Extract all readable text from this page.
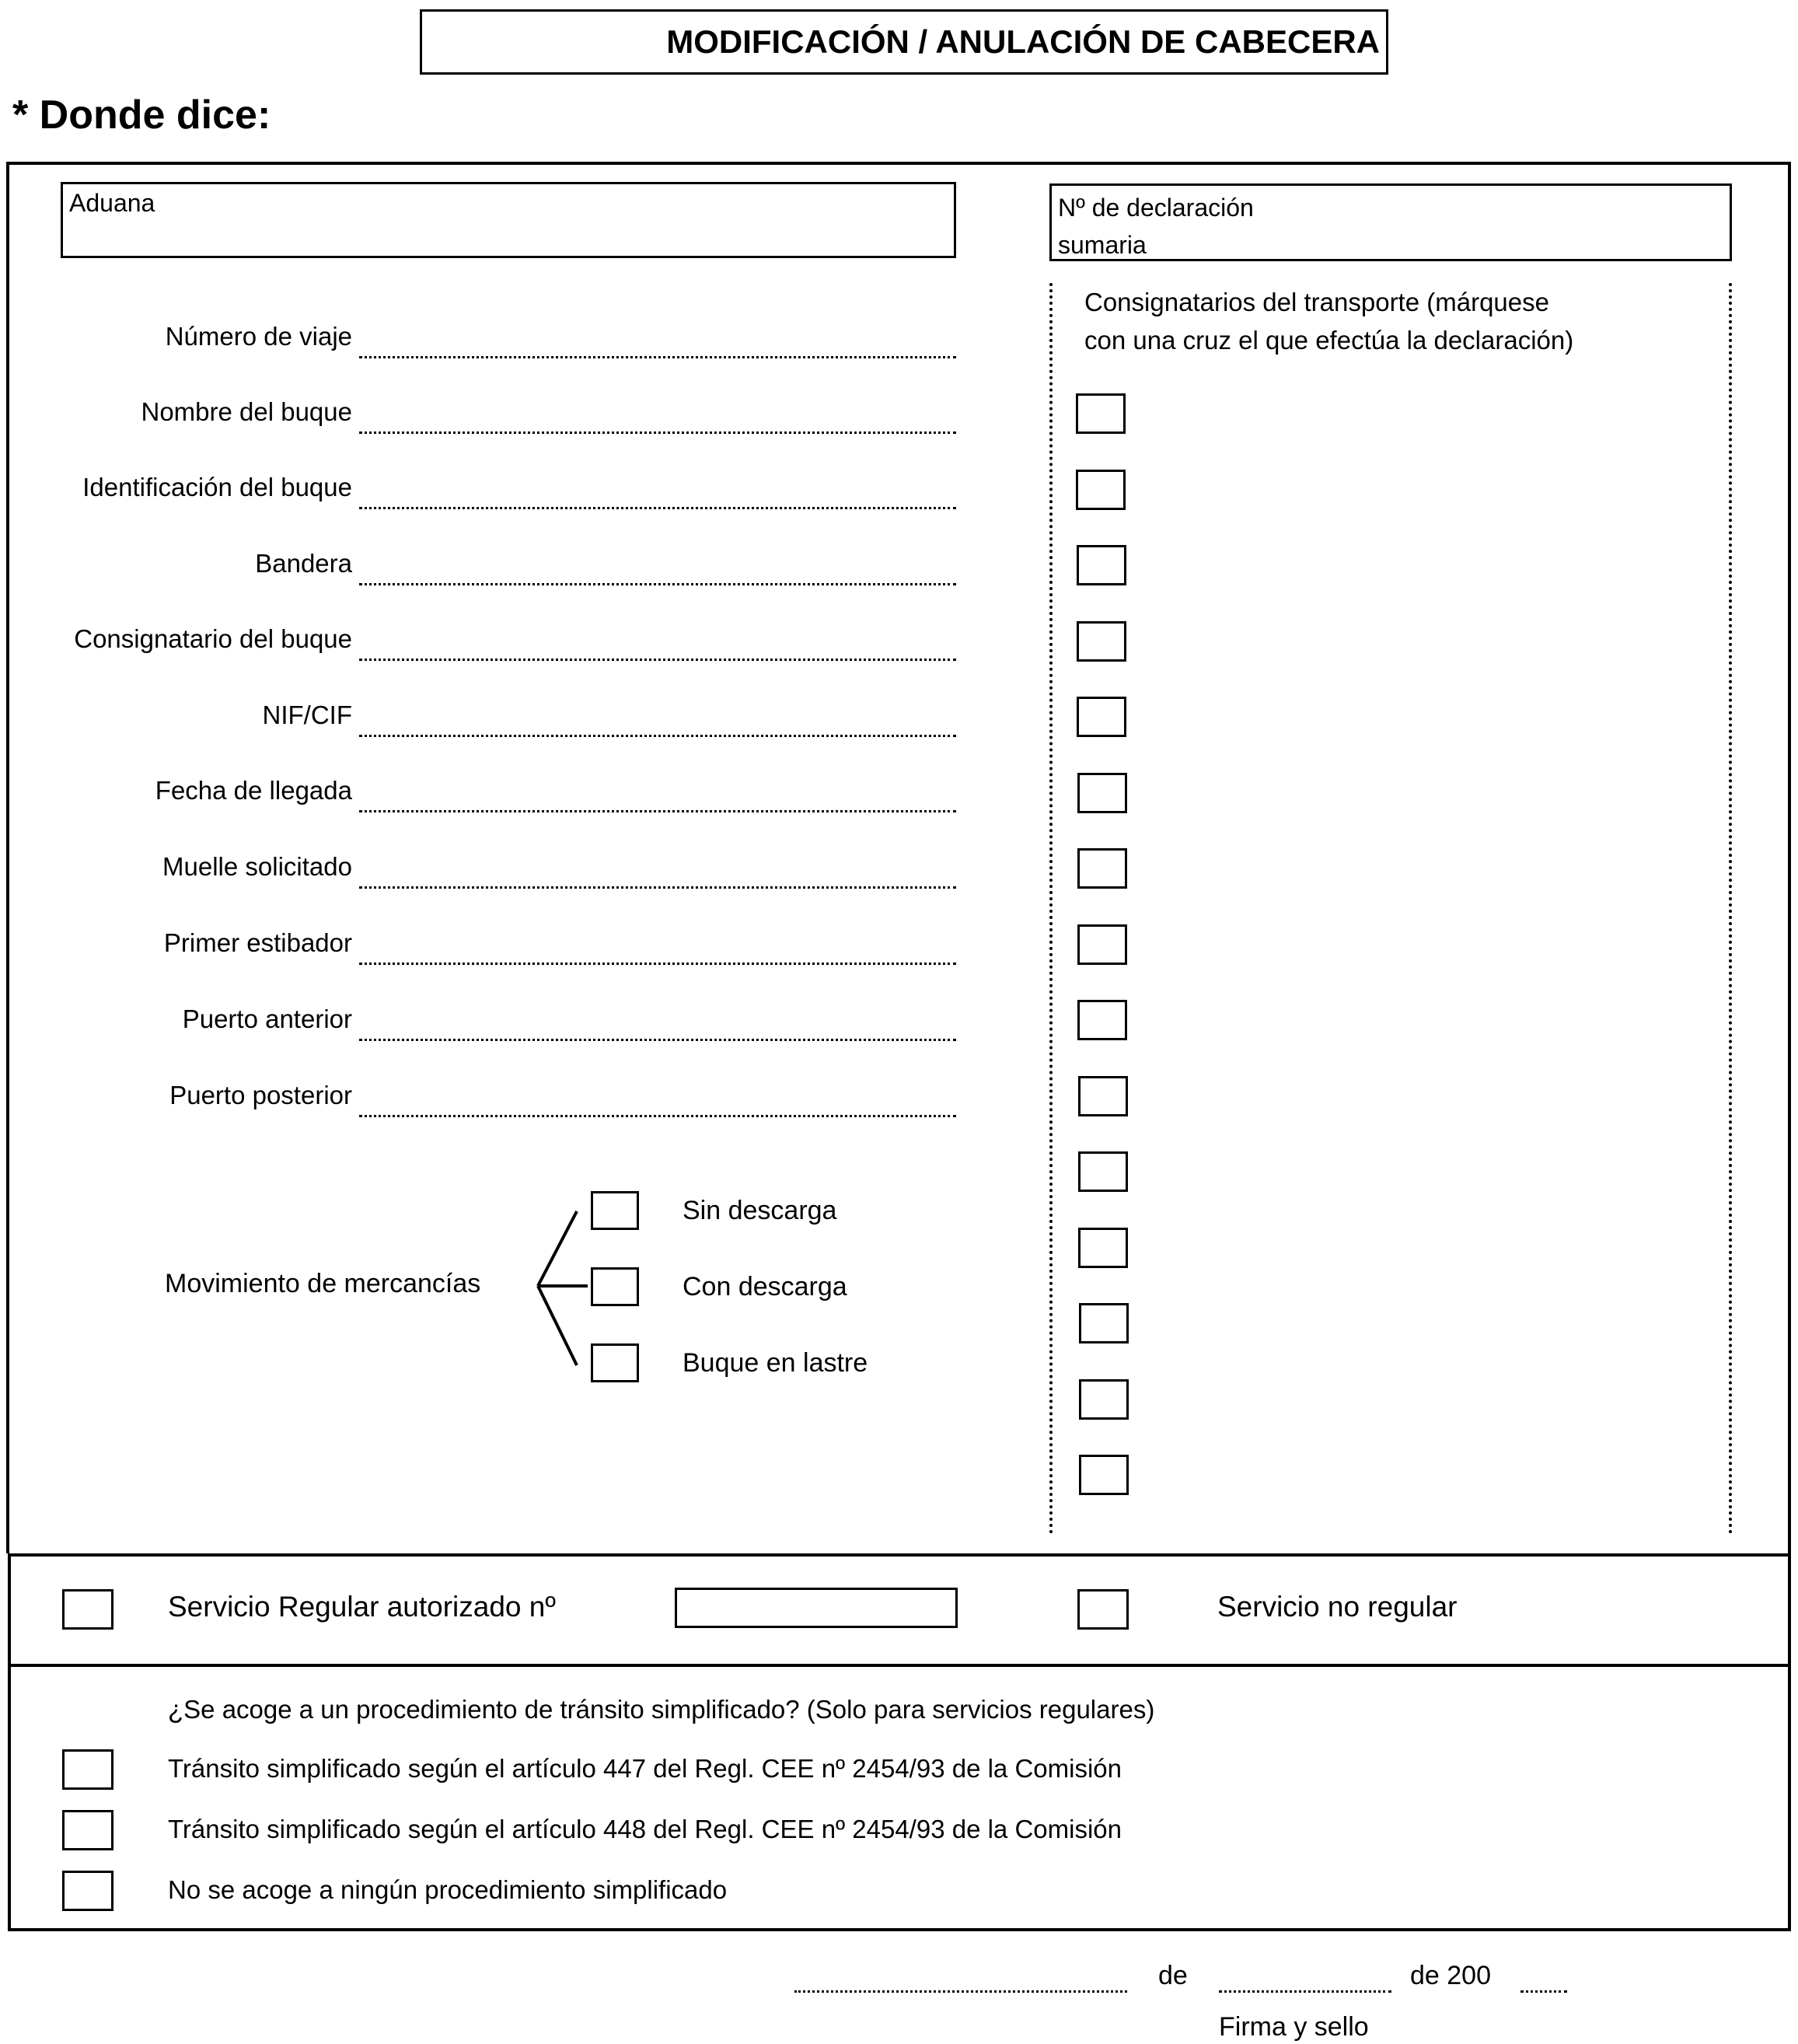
MODIFICACIÓN / ANULACIÓN DE CABECERA
* Donde dice:
Aduana	Nº de declaración
sumaria
Consignatarios del transporte (márquese
con una cruz el que efectúa la declaración)
Número de viaje
Nombre del buque
Identificación del buque
Bandera
Consignatario del buque
NIF/CIF
Fecha de llegada
Muelle solicitado
Primer estibador
Puerto anterior
Puerto posterior
Movimiento de mercancías
Sin descarga
Con descarga
Buque en lastre
Servicio Regular autorizado nº	Servicio no regular
¿Se acoge a un procedimiento de tránsito simplificado? (Solo para servicios regulares)
Tránsito simplificado según el artículo 447 del Regl. CEE nº 2454/93 de la Comisión
Tránsito simplificado según el artículo 448 del Regl. CEE nº 2454/93 de la Comisión
No se acoge a ningún procedimiento simplificado
de	de 200
Firma y sello
